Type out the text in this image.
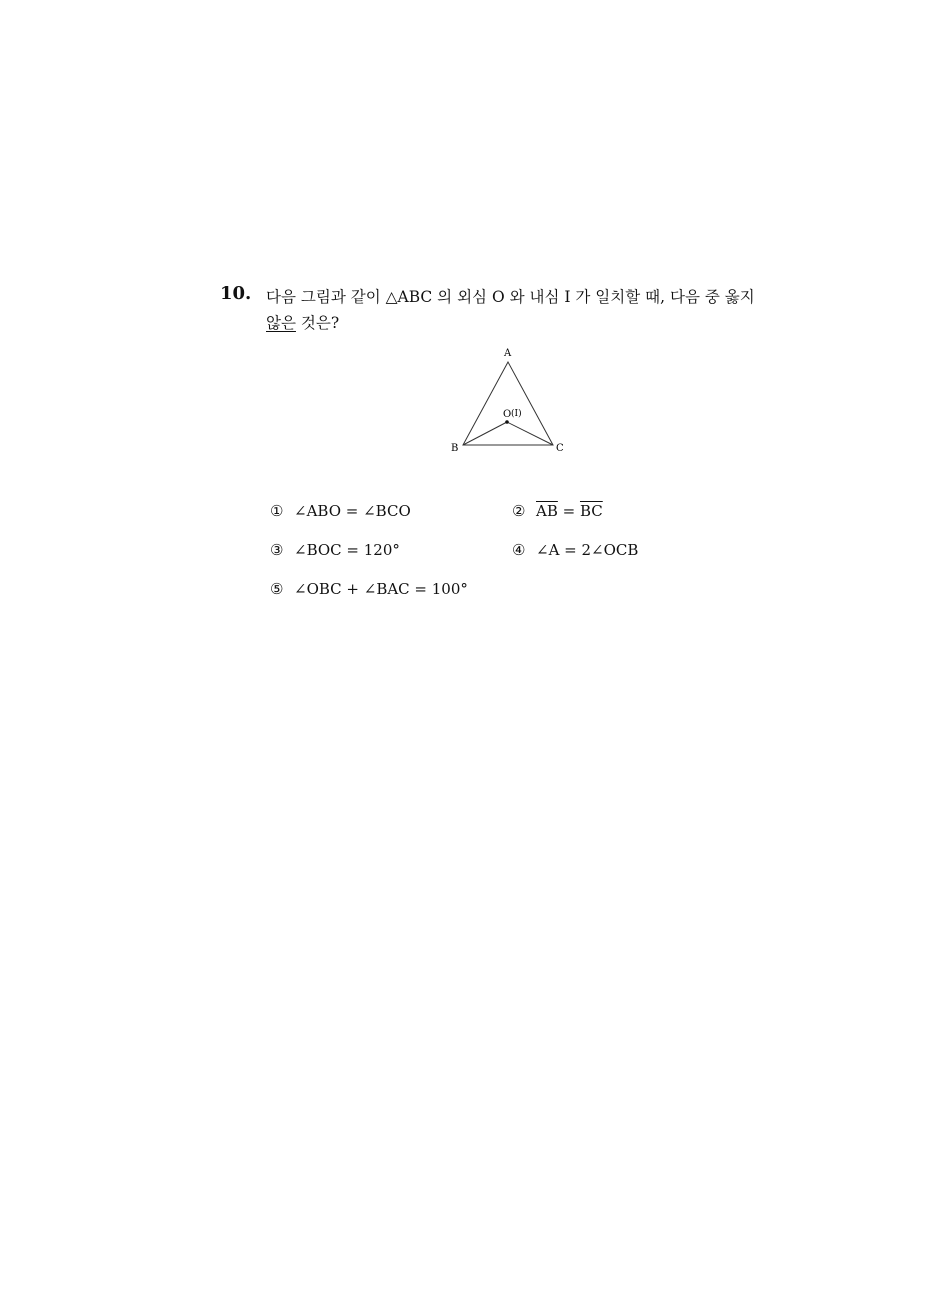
10. 다음 그림과 같이 △ABC 의 외심 O 와 내심 I 가 일치할 때, 다음 중 옳지
않은 것은?
A
B	C
O (I)
① ∠ABO = ∠BCO	② $\overline{AB} = \overline{BC}$
③ ∠BOC = 120°	④ ∠A = 2∠OCB
⑤ ∠OBC + ∠BAC = 100°
